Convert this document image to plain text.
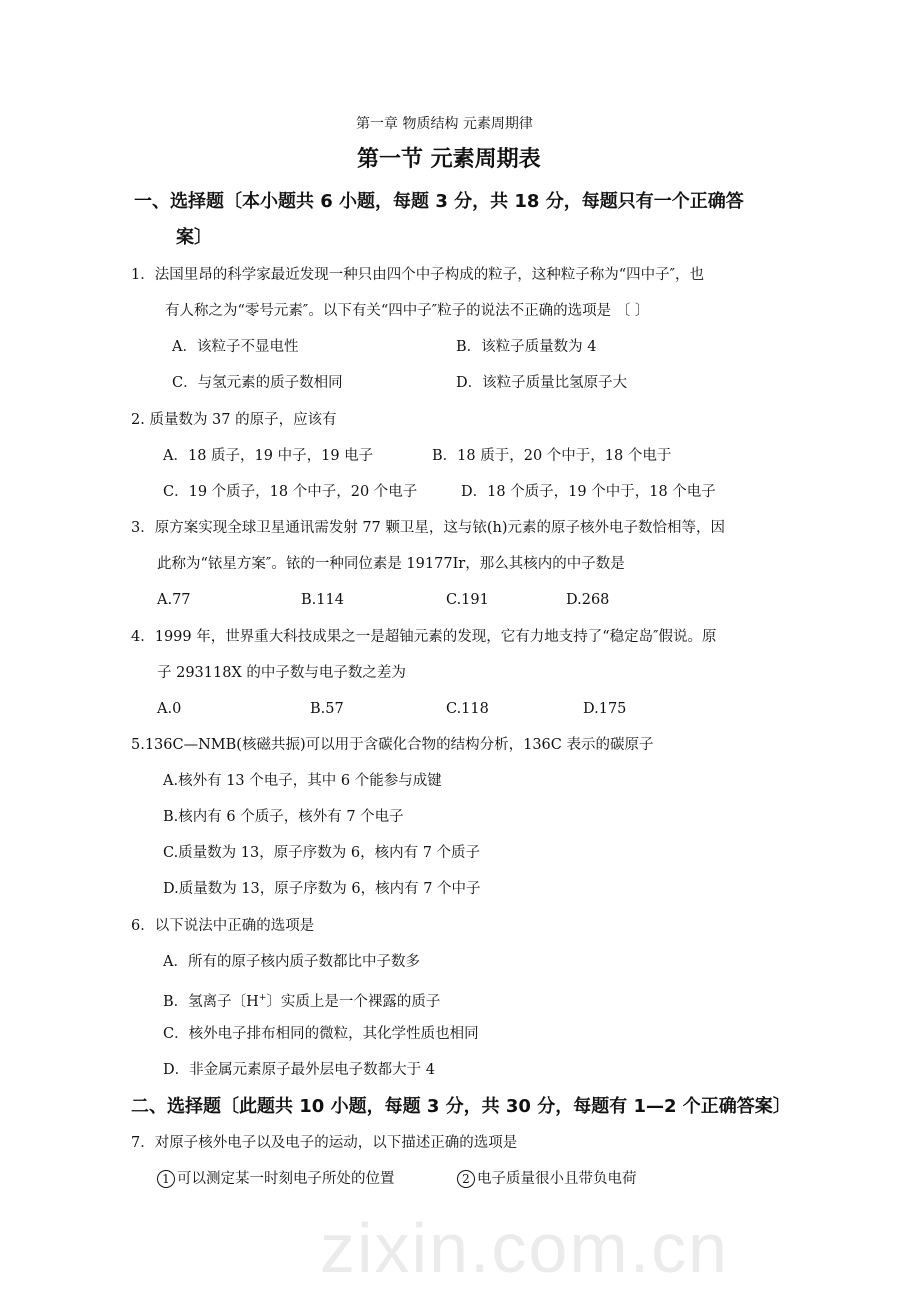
zixin.com.cn
第一章 物质结构 元素周期律
第一节 元素周期表
一、选择题〔本小题共 6 小题，每题 3 分，共 18 分，每题只有一个正确答
案〕
1．法国里昂的科学家最近发现一种只由四个中子构成的粒子，这种粒子称为“四中子″，也
有人称之为“零号元素″。以下有关“四中子″粒子的说法不正确的选项是 〔 〕
A．该粒子不显电性	B．该粒子质量数为 4
C．与氢元素的质子数相同	D．该粒子质量比氢原子大
2. 质量数为 37 的原子，应该有
A．18 质子，19 中子，19 电子	B．18 质于，20 个中于，18 个电于
C．19 个质子，18 个中子，20 个电子	D．18 个质子，19 个中于，18 个电子
3．原方案实现全球卫星通讯需发射 77 颗卫星，这与铱(h)元素的原子核外电子数恰相等，因
此称为“铱星方案″。铱的一种同位素是 19177Ir，那么其核内的中子数是
A.77	B.114	C.191	D.268
4．1999 年，世界重大科技成果之一是超铀元素的发现，它有力地支持了“稳定岛″假说。原
子 293118X 的中子数与电子数之差为
A.0	B.57	C.118	D.175
5.136C—NMB(核磁共振)可以用于含碳化合物的结构分析，136C 表示的碳原子
A.核外有 13 个电子，其中 6 个能参与成键
B.核内有 6 个质子，核外有 7 个电子
C.质量数为 13，原子序数为 6，核内有 7 个质子
D.质量数为 13，原子序数为 6，核内有 7 个中子
6．以下说法中正确的选项是
A．所有的原子核内质子数都比中子数多
B．氢离子〔H+〕实质上是一个裸露的质子
C．核外电子排布相同的微粒，其化学性质也相同
D．非金属元素原子最外层电子数都大于 4
二、选择题〔此题共 10 小题，每题 3 分，共 30 分，每题有 1—2 个正确答案〕
7．对原子核外电子以及电子的运动，以下描述正确的选项是
1 可以测定某一时刻电子所处的位置	2 电子质量很小且带负电荷
